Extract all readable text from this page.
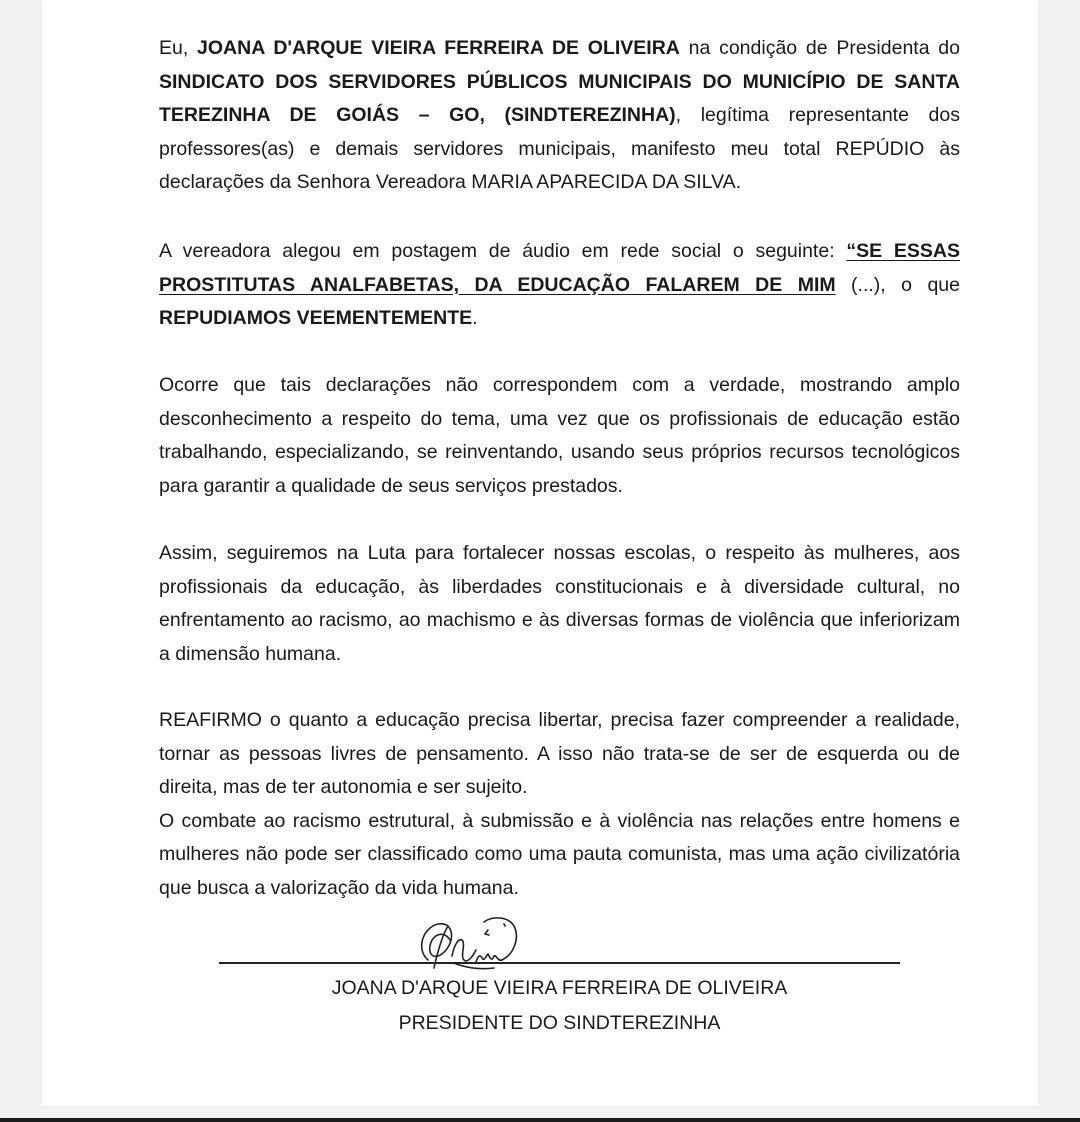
Eu, JOANA D'ARQUE VIEIRA FERREIRA DE OLIVEIRA na condição de Presidenta do SINDICATO DOS SERVIDORES PÚBLICOS MUNICIPAIS DO MUNICÍPIO DE SANTA TEREZINHA DE GOIÁS – GO, (SINDTEREZINHA), legítima representante dos professores(as) e demais servidores municipais, manifesto meu total REPÚDIO às declarações da Senhora Vereadora MARIA APARECIDA DA SILVA.

A vereadora alegou em postagem de áudio em rede social o seguinte: “SE ESSAS PROSTITUTAS ANALFABETAS, DA EDUCAÇÃO FALAREM DE MIM (...), o que REPUDIAMOS VEEMENTEMENTE.

Ocorre que tais declarações não correspondem com a verdade, mostrando amplo desconhecimento a respeito do tema, uma vez que os profissionais de educação estão trabalhando, especializando, se reinventando, usando seus próprios recursos tecnológicos para garantir a qualidade de seus serviços prestados.

Assim, seguiremos na Luta para fortalecer nossas escolas, o respeito às mulheres, aos profissionais da educação, às liberdades constitucionais e à diversidade cultural, no enfrentamento ao racismo, ao machismo e às diversas formas de violência que inferiorizam a dimensão humana.

REAFIRMO o quanto a educação precisa libertar, precisa fazer compreender a realidade, tornar as pessoas livres de pensamento. A isso não trata-se de ser de esquerda ou de direita, mas de ter autonomia e ser sujeito.

O combate ao racismo estrutural, à submissão e à violência nas relações entre homens e mulheres não pode ser classificado como uma pauta comunista, mas uma ação civilizatória que busca a valorização da vida humana.

JOANA D'ARQUE VIEIRA FERREIRA DE OLIVEIRA
PRESIDENTE DO SINDTEREZINHA
